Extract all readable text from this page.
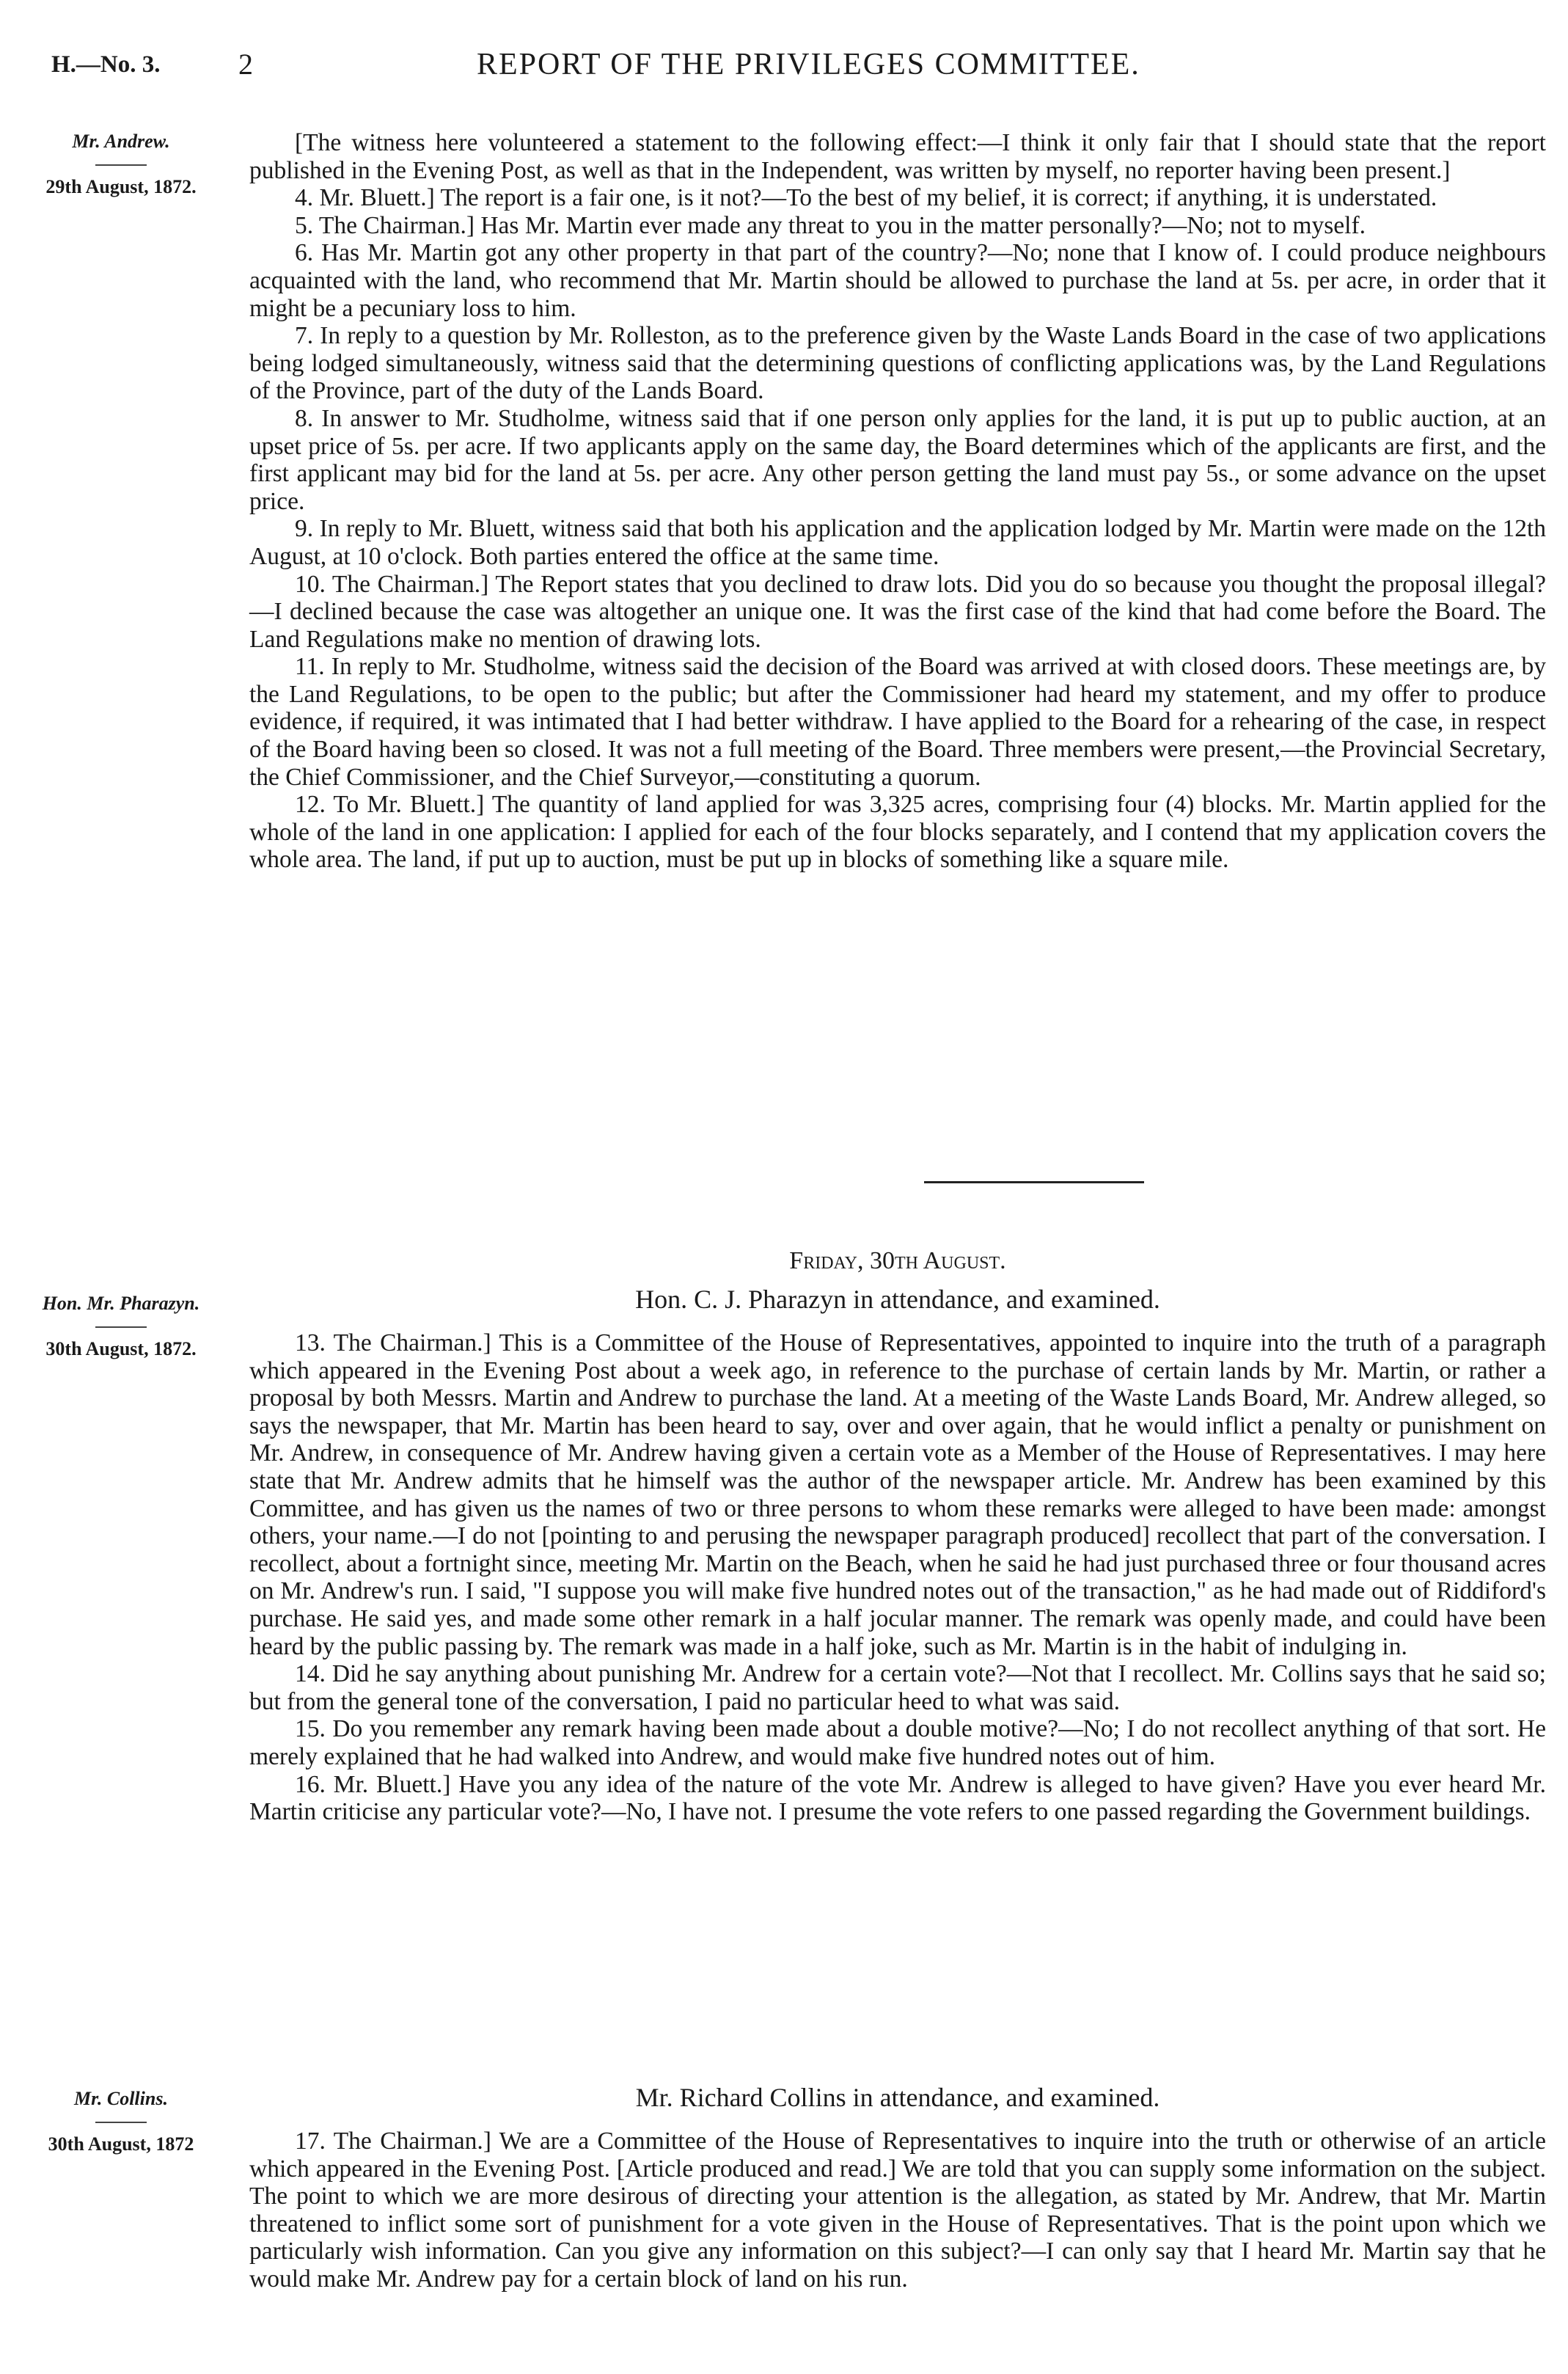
H.—No. 3.	2	REPORT OF THE PRIVILEGES COMMITTEE.
Mr. Andrew.
29th August, 1872.

[The witness here volunteered a statement to the following effect:—I think it only fair that I should state that the report published in the Evening Post, as well as that in the Independent, was written by myself, no reporter having been present.]

4. Mr. Bluett.] The report is a fair one, is it not?—To the best of my belief, it is correct; if anything, it is understated.

5. The Chairman.] Has Mr. Martin ever made any threat to you in the matter personally?—No; not to myself.

6. Has Mr. Martin got any other property in that part of the country?—No; none that I know of. I could produce neighbours acquainted with the land, who recommend that Mr. Martin should be allowed to purchase the land at 5s. per acre, in order that it might be a pecuniary loss to him.

7. In reply to a question by Mr. Rolleston, as to the preference given by the Waste Lands Board in the case of two applications being lodged simultaneously, witness said that the determining questions of conflicting applications was, by the Land Regulations of the Province, part of the duty of the Lands Board.

8. In answer to Mr. Studholme, witness said that if one person only applies for the land, it is put up to public auction, at an upset price of 5s. per acre. If two applicants apply on the same day, the Board determines which of the applicants are first, and the first applicant may bid for the land at 5s. per acre. Any other person getting the land must pay 5s., or some advance on the upset price.

9. In reply to Mr. Bluett, witness said that both his application and the application lodged by Mr. Martin were made on the 12th August, at 10 o'clock. Both parties entered the office at the same time.

10. The Chairman.] The Report states that you declined to draw lots. Did you do so because you thought the proposal illegal?—I declined because the case was altogether an unique one. It was the first case of the kind that had come before the Board. The Land Regulations make no mention of drawing lots.

11. In reply to Mr. Studholme, witness said the decision of the Board was arrived at with closed doors. These meetings are, by the Land Regulations, to be open to the public; but after the Commissioner had heard my statement, and my offer to produce evidence, if required, it was intimated that I had better withdraw. I have applied to the Board for a rehearing of the case, in respect of the Board having been so closed. It was not a full meeting of the Board. Three members were present,—the Provincial Secretary, the Chief Commissioner, and the Chief Surveyor,—constituting a quorum.

12. To Mr. Bluett.] The quantity of land applied for was 3,325 acres, comprising four (4) blocks. Mr. Martin applied for the whole of the land in one application: I applied for each of the four blocks separately, and I contend that my application covers the whole area. The land, if put up to auction, must be put up in blocks of something like a square mile.

Friday, 30th August.
Hon. C. J. Pharazyn in attendance, and examined.
Hon. Mr. Pharazyn.
30th August, 1872.	13. The Chairman.] This is a Committee of the House of Representatives, appointed to inquire into the truth of a paragraph which appeared in the Evening Post about a week ago, in reference to the purchase of certain lands by Mr. Martin, or rather a proposal by both Messrs. Martin and Andrew to purchase the land. At a meeting of the Waste Lands Board, Mr. Andrew alleged, so says the newspaper, that Mr. Martin has been heard to say, over and over again, that he would inflict a penalty or punishment on Mr. Andrew, in consequence of Mr. Andrew having given a certain vote as a Member of the House of Representatives. I may here state that Mr. Andrew admits that he himself was the author of the newspaper article. Mr. Andrew has been examined by this Committee, and has given us the names of two or three persons to whom these remarks were alleged to have been made: amongst others, your name.—I do not [pointing to and perusing the newspaper paragraph produced] recollect that part of the conversation. I recollect, about a fortnight since, meeting Mr. Martin on the Beach, when he said he had just purchased three or four thousand acres on Mr. Andrew's run. I said, "I suppose you will make five hundred notes out of the transaction," as he had made out of Riddiford's purchase. He said yes, and made some other remark in a half jocular manner. The remark was openly made, and could have been heard by the public passing by. The remark was made in a half joke, such as Mr. Martin is in the habit of indulging in.

14. Did he say anything about punishing Mr. Andrew for a certain vote?—Not that I recollect. Mr. Collins says that he said so; but from the general tone of the conversation, I paid no particular heed to what was said.

15. Do you remember any remark having been made about a double motive?—No; I do not recollect anything of that sort. He merely explained that he had walked into Andrew, and would make five hundred notes out of him.

16. Mr. Bluett.] Have you any idea of the nature of the vote Mr. Andrew is alleged to have given? Have you ever heard Mr. Martin criticise any particular vote?—No, I have not. I presume the vote refers to one passed regarding the Government buildings.

Mr. Richard Collins in attendance, and examined.
Mr. Collins.
30th August, 1872	17. The Chairman.] We are a Committee of the House of Representatives to inquire into the truth or otherwise of an article which appeared in the Evening Post. [Article produced and read.] We are told that you can supply some information on the subject. The point to which we are more desirous of directing your attention is the allegation, as stated by Mr. Andrew, that Mr. Martin threatened to inflict some sort of punishment for a vote given in the House of Representatives. That is the point upon which we particularly wish information. Can you give any information on this subject?—I can only say that I heard Mr. Martin say that he would make Mr. Andrew pay for a certain block of land on his run.
